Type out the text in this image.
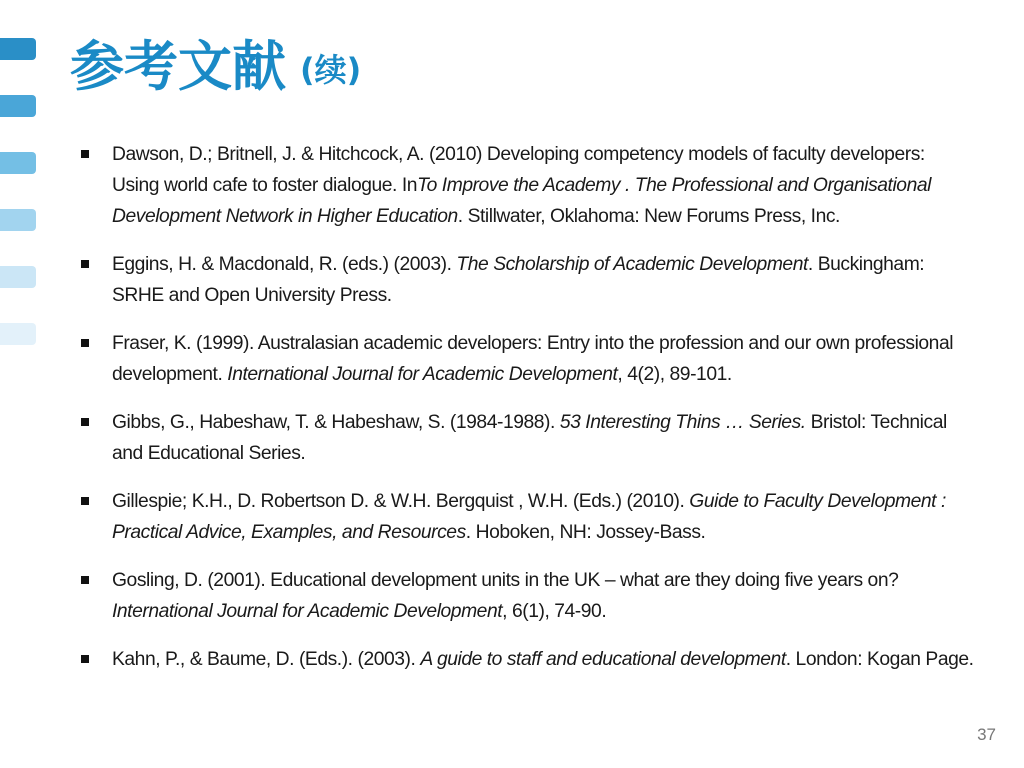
参考文献 (续)
Dawson, D.; Britnell, J. & Hitchcock, A. (2010) Developing competency models of faculty developers: Using world cafe to foster dialogue. InTo Improve the Academy . The Professional and Organisational Development Network in Higher Education. Stillwater, Oklahoma: New Forums Press, Inc.
Eggins, H. & Macdonald, R. (eds.) (2003). The Scholarship of Academic Development. Buckingham: SRHE and Open University Press.
Fraser, K. (1999). Australasian academic developers: Entry into the profession and our own professional development. International Journal for Academic Development, 4(2), 89-101.
Gibbs, G., Habeshaw, T. & Habeshaw, S. (1984-1988). 53 Interesting Thins … Series. Bristol: Technical and Educational Series.
Gillespie; K.H., D. Robertson D. & W.H. Bergquist , W.H. (Eds.) (2010). Guide to Faculty Development : Practical Advice, Examples, and Resources. Hoboken, NH: Jossey-Bass.
Gosling, D. (2001). Educational development units in the UK – what are they doing five years on? International Journal for Academic Development, 6(1), 74-90.
Kahn, P., & Baume, D. (Eds.). (2003). A guide to staff and educational development. London: Kogan Page.
37
